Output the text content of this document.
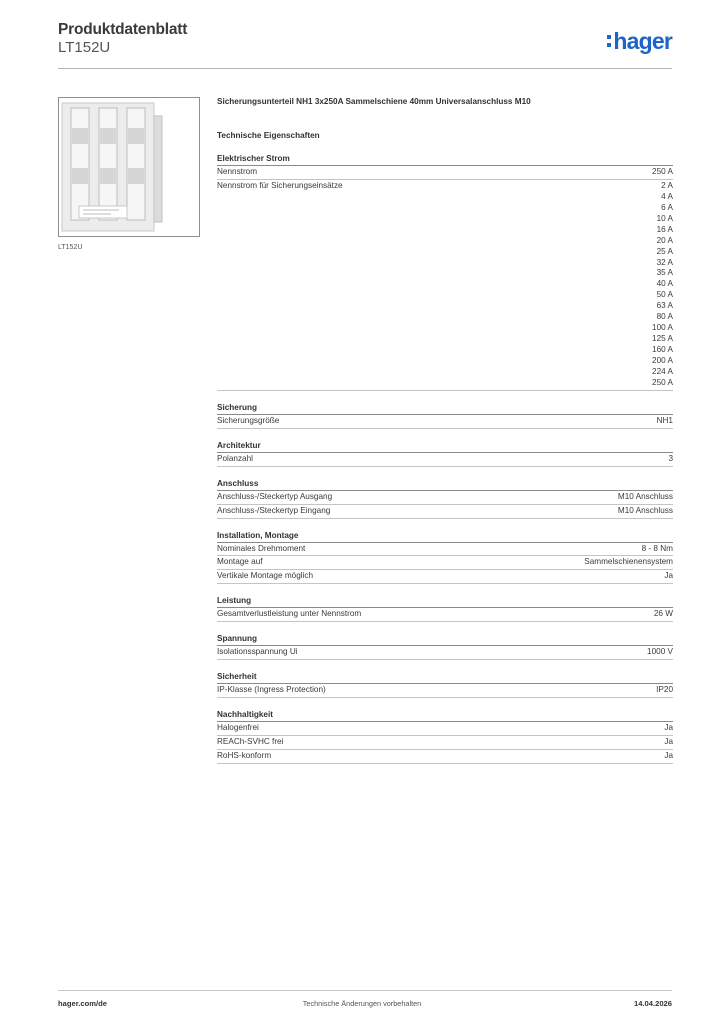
Produktdatenblatt
LT152U	hager
LT152U
Sicherungsunterteil NH1 3x250A Sammelschiene 40mm Universalanschluss M10
Technische Eigenschaften
Elektrischer Strom
Nennstrom	250 A
Nennstrom für Sicherungseinsätze	2 A
4 A
6 A
10 A
16 A
20 A
25 A
32 A
35 A
40 A
50 A
63 A
80 A
100 A
125 A
160 A
200 A
224 A
250 A
Sicherung
Sicherungsgröße	NH1
Architektur
Polanzahl	3
Anschluss
Anschluss-/Steckertyp Ausgang	M10 Anschluss
Anschluss-/Steckertyp Eingang	M10 Anschluss
Installation, Montage
Nominales Drehmoment	8 - 8 Nm
Montage auf	Sammelschienensystem
Vertikale Montage möglich	Ja
Leistung
Gesamtverlustleistung unter Nennstrom	26 W
Spannung
Isolationsspannung Ui	1000 V
Sicherheit
IP-Klasse (Ingress Protection)	IP20
Nachhaltigkeit
Halogenfrei	Ja
REACh-SVHC frei	Ja
RoHS-konform	Ja
hager.com/de	Technische Änderungen vorbehalten	14.04.2026
